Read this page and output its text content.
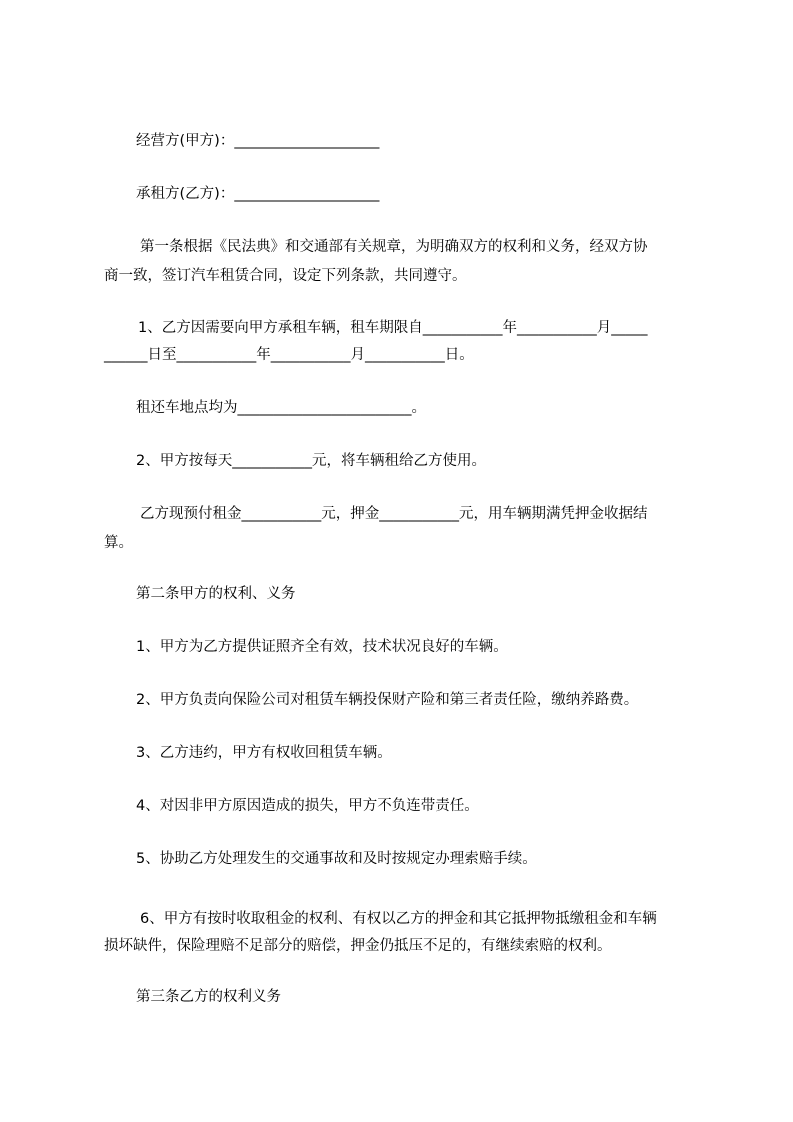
经营方(甲方)：____________________

承租方(乙方)：____________________

第一条根据《民法典》和交通部有关规章，为明确双方的权利和义务，经双方协

商一致，签订汽车租赁合同，设定下列条款，共同遵守。

1、乙方因需要向甲方承租车辆，租车期限自___________年___________月_____

______日至___________年___________月___________日。

租还车地点均为________________________。

2、甲方按每天___________元，将车辆租给乙方使用。

乙方现预付租金___________元，押金___________元，用车辆期满凭押金收据结

算。

第二条甲方的权利、义务

1、甲方为乙方提供证照齐全有效，技术状况良好的车辆。

2、甲方负责向保险公司对租赁车辆投保财产险和第三者责任险，缴纳养路费。

3、乙方违约，甲方有权收回租赁车辆。

4、对因非甲方原因造成的损失，甲方不负连带责任。

5、协助乙方处理发生的交通事故和及时按规定办理索赔手续。

6、甲方有按时收取租金的权利、有权以乙方的押金和其它抵押物抵缴租金和车辆

损坏缺件，保险理赔不足部分的赔偿，押金仍抵压不足的，有继续索赔的权利。

第三条乙方的权利义务
